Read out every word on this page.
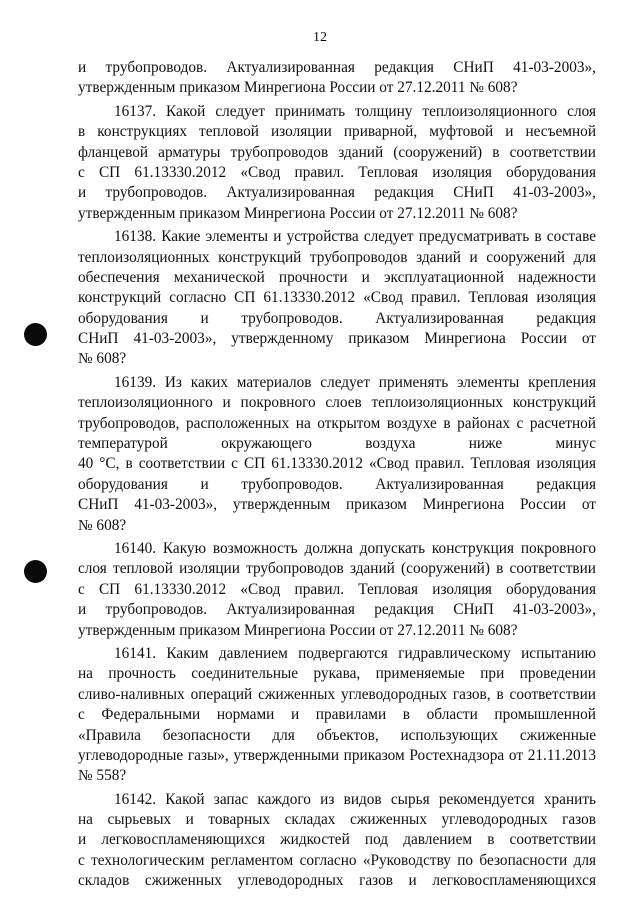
12
и трубопроводов. Актуализированная редакция СНиП 41-03-2003»,
утвержденным приказом Минрегиона России от 27.12.2011 № 608?
16137. Какой следует принимать толщину теплоизоляционного слоя
в конструкциях тепловой изоляции приварной, муфтовой и несъемной
фланцевой арматуры трубопроводов зданий (сооружений) в соответствии
с СП 61.13330.2012 «Свод правил. Тепловая изоляция оборудования
и трубопроводов. Актуализированная редакция СНиП 41-03-2003»,
утвержденным приказом Минрегиона России от 27.12.2011 № 608?
16138. Какие элементы и устройства следует предусматривать в составе
теплоизоляционных конструкций трубопроводов зданий и сооружений для
обеспечения механической прочности и эксплуатационной надежности
конструкций согласно СП 61.13330.2012 «Свод правил. Тепловая изоляция
оборудования и трубопроводов. Актуализированная редакция
СНиП 41-03-2003», утвержденному приказом Минрегиона России от
№ 608?
16139. Из каких материалов следует применять элементы крепления
теплоизоляционного и покровного слоев теплоизоляционных конструкций
трубопроводов, расположенных на открытом воздухе в районах с расчетной
температурой окружающего воздуха ниже минус
40 °С, в соответствии с СП 61.13330.2012 «Свод правил. Тепловая изоляция
оборудования и трубопроводов. Актуализированная редакция
СНиП 41-03-2003», утвержденным приказом Минрегиона России от
№ 608?
16140. Какую возможность должна допускать конструкция покровного
слоя тепловой изоляции трубопроводов зданий (сооружений) в соответствии
с СП 61.13330.2012 «Свод правил. Тепловая изоляция оборудования
и трубопроводов. Актуализированная редакция СНиП 41-03-2003»,
утвержденным приказом Минрегиона России от 27.12.2011 № 608?
16141. Каким давлением подвергаются гидравлическому испытанию
на прочность соединительные рукава, применяемые при проведении
сливо-наливных операций сжиженных углеводородных газов, в соответствии
с Федеральными нормами и правилами в области промышленной
«Правила безопасности для объектов, использующих сжиженные
углеводородные газы», утвержденными приказом Ростехнадзора от 21.11.2013
№ 558?
16142. Какой запас каждого из видов сырья рекомендуется хранить
на сырьевых и товарных складах сжиженных углеводородных газов
и легковоспламеняющихся жидкостей под давлением в соответствии
с технологическим регламентом согласно «Руководству по безопасности для
складов сжиженных углеводородных газов и легковоспламеняющихся
